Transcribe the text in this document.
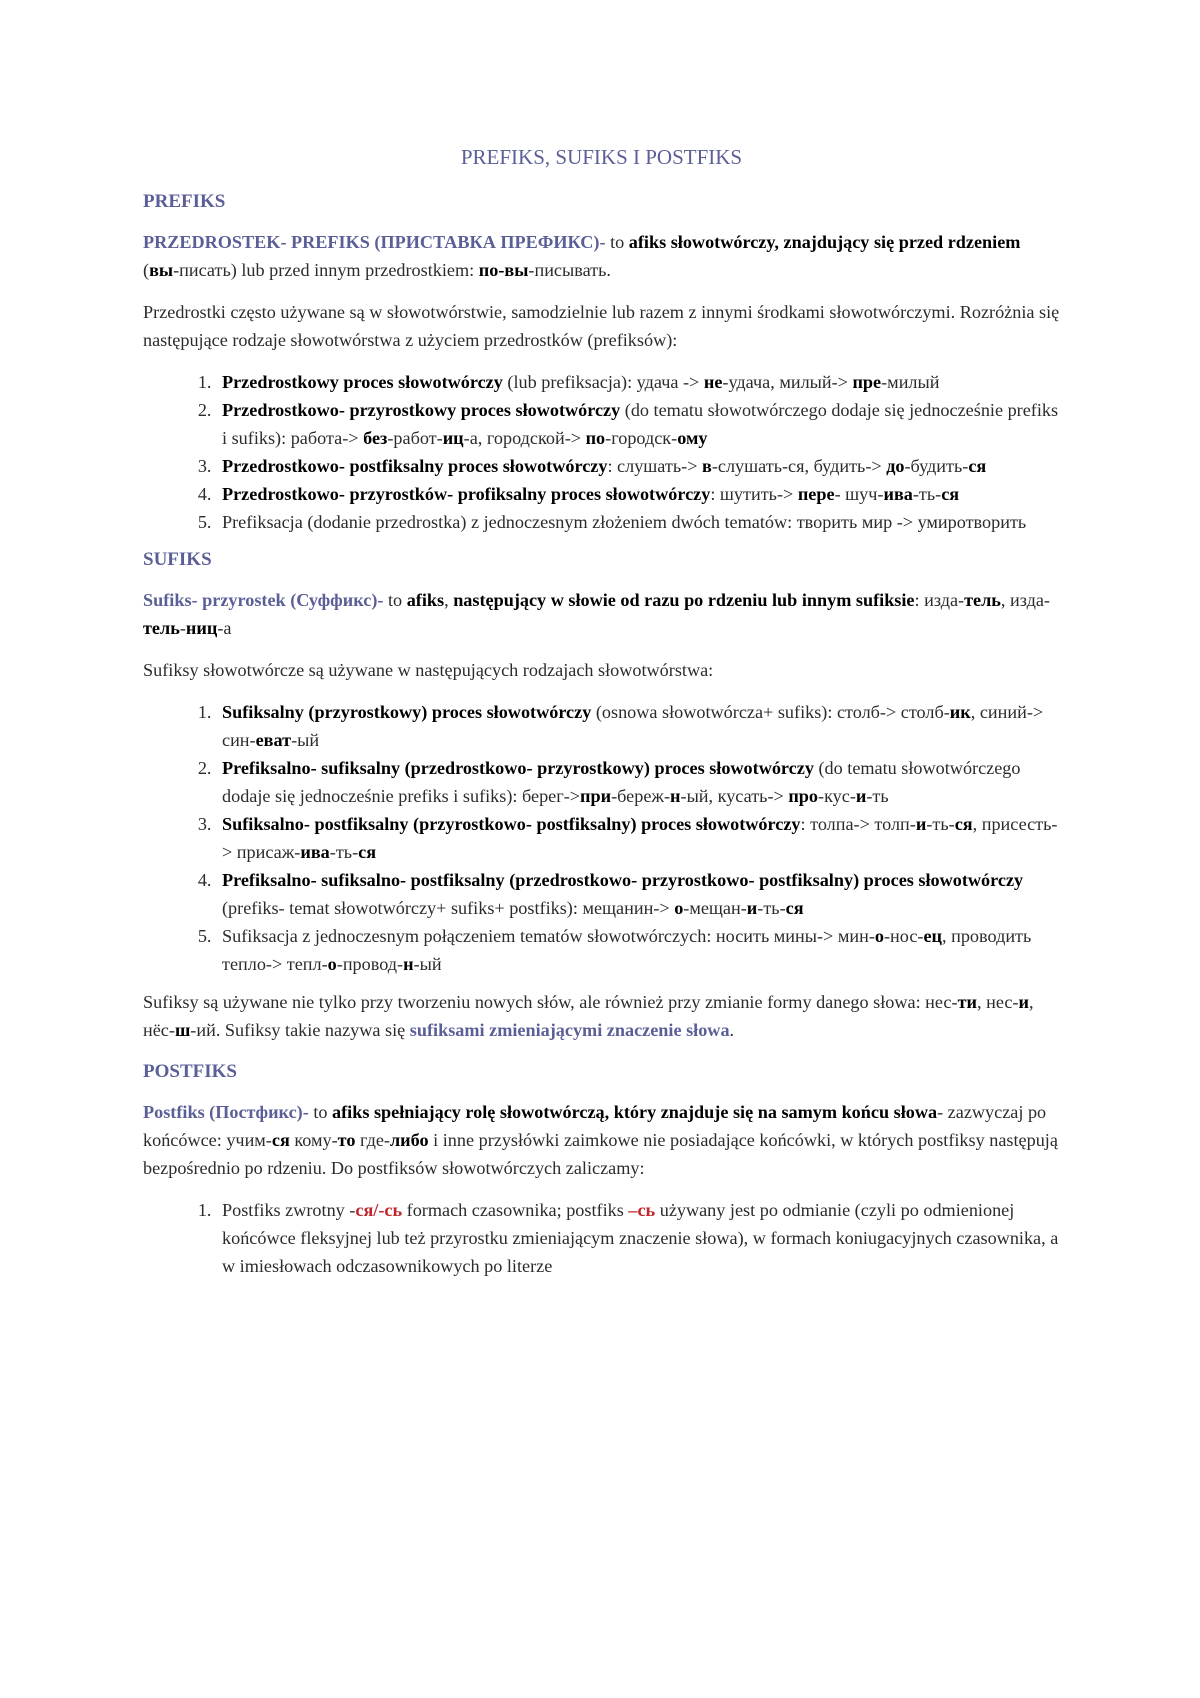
PREFIKS, SUFIKS I POSTFIKS
PREFIKS

PRZEDROSTEK- PREFIKS (ПРИСТАВКА ПРЕФИКС)- to afiks słowotwórczy, znajdujący się przed rdzeniem (вы-писать) lub przed innym przedrostkiem: по-вы-писывать.

Przedrostki często używane są w słowotwórstwie, samodzielnie lub razem z innymi środkami słowotwórczymi. Rozróżnia się następujące rodzaje słowotwórstwa z użyciem przedrostków (prefiksów):

1. Przedrostkowy proces słowotwórczy (lub prefiksacja): удача -> не-удача, милый-> пре-милый
2. Przedrostkowo- przyrostkowy proces słowotwórczy (do tematu słowotwórczego dodaje się jednocześnie prefiks i sufiks): работа-> без-работ-иц-а, городской-> по-городск-ому
3. Przedrostkowo- postfiksalny proces słowotwórczy: слушать-> в-слушать-ся, будить-> до-будить-ся
4. Przedrostkowo- przyrostków- profiksalny proces słowotwórczy: шутить-> пере- шуч-ива-ть-ся
5. Prefiksacja (dodanie przedrostka) z jednoczesnym złożeniem dwóch tematów: творить мир -> умиротворить
SUFIKS

Sufiks- przyrostek (Суффикс)- to afiks, następujący w słowie od razu po rdzeniu lub innym sufiksie: изда-тель, изда-тель-ниц-а

Sufiksy słowotwórcze są używane w następujących rodzajach słowotwórstwa:

1. Sufiksalny (przyrostkowy) proces słowotwórczy (osnowa słowotwórcza+ sufiks): столб-> столб-ик, синий-> син-еват-ый
2. Prefiksalno- sufiksalny (przedrostkowo- przyrostkowy) proces słowotwórczy (do tematu słowotwórczego dodaje się jednocześnie prefiks i sufiks): берег->при-береж-н-ый, кусать-> про-кус-и-ть
3. Sufiksalno- postfiksalny (przyrostkowo- postfiksalny) proces słowotwórczy: толпа-> толп-и-ть-ся, присесть-> присаж-ива-ть-ся
4. Prefiksalno- sufiksalno- postfiksalny (przedrostkowo- przyrostkowo- postfiksalny) proces słowotwórczy (prefiks- temat słowotwórczy+ sufiks+ postfiks): мещанин-> о-мещан-и-ть-ся
5. Sufiksacja z jednoczesnym połączeniem tematów słowotwórczych: носить мины-> мин-о-нос-ец, проводить тепло-> тепл-о-провод-н-ый

Sufiksy są używane nie tylko przy tworzeniu nowych słów, ale również przy zmianie formy danego słowa: нес-ти, нес-и, нёс-ш-ий. Sufiksy takie nazywa się sufiksami zmieniającymi znaczenie słowa.

POSTFIKS

Postfiks (Постфикс)- to afiks spełniający rolę słowotwórczą, który znajduje się na samym końcu słowa- zazwyczaj po końcówce: учим-ся кому-то где-либо i inne przysłówki zaimkowe nie posiadające końcówki, w których postfiksy następują bezpośrednio po rdzeniu. Do postfiksów słowotwórczych zaliczamy:

1. Postfiks zwrotny -ся/-сь formach czasownika; postfiks –сь używany jest po odmianie (czyli po odmienionej końcówce fleksyjnej lub też przyrostku zmieniającym znaczenie słowa), w formach koniugacyjnych czasownika, a w imiesłowach odczasownikowych po literze
